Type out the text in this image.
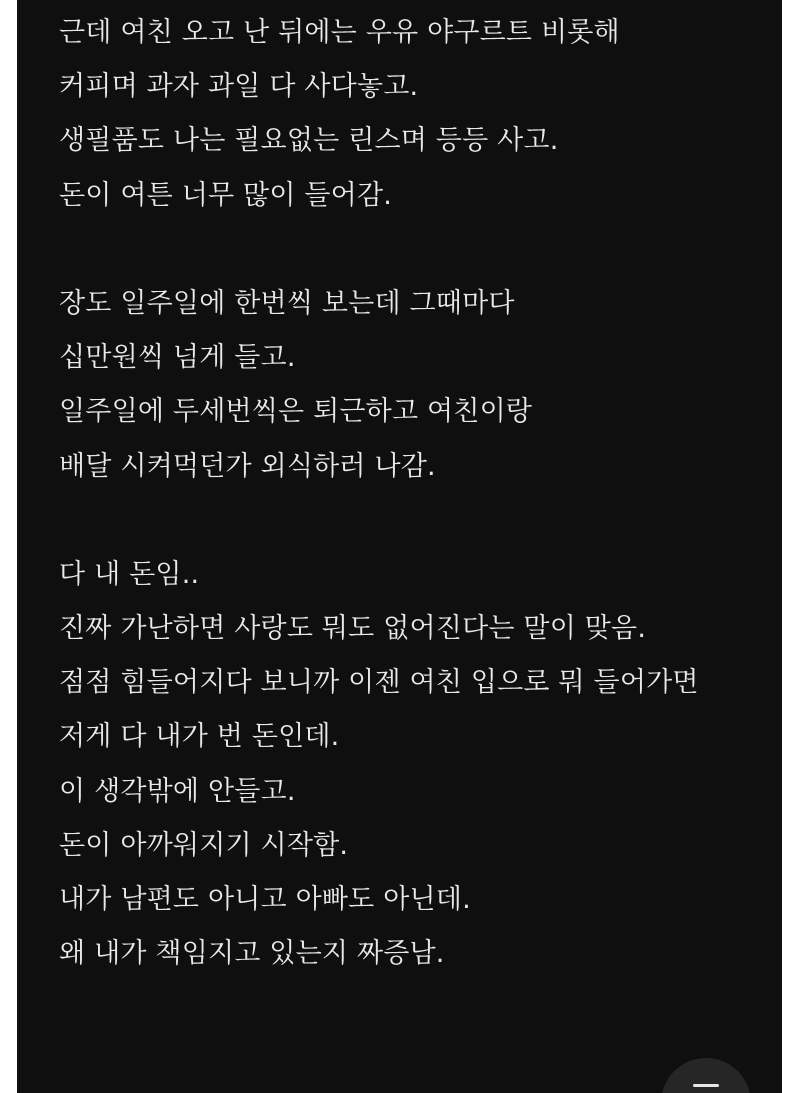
근데 여친 오고 난 뒤에는 우유 야구르트 비롯해
커피며 과자 과일 다 사다놓고.
생필품도 나는 필요없는 린스며 등등 사고.
돈이 여튼 너무 많이 들어감.
장도 일주일에 한번씩 보는데 그때마다
십만원씩 넘게 들고.
일주일에 두세번씩은 퇴근하고 여친이랑
배달 시켜먹던가 외식하러 나감.
다 내 돈임..
진짜 가난하면 사랑도 뭐도 없어진다는 말이 맞음.
점점 힘들어지다 보니까 이젠 여친 입으로 뭐 들어가면
저게 다 내가 번 돈인데.
이 생각밖에 안들고.
돈이 아까워지기 시작함.
내가 남편도 아니고 아빠도 아닌데.
왜 내가 책임지고 있는지 짜증남.
